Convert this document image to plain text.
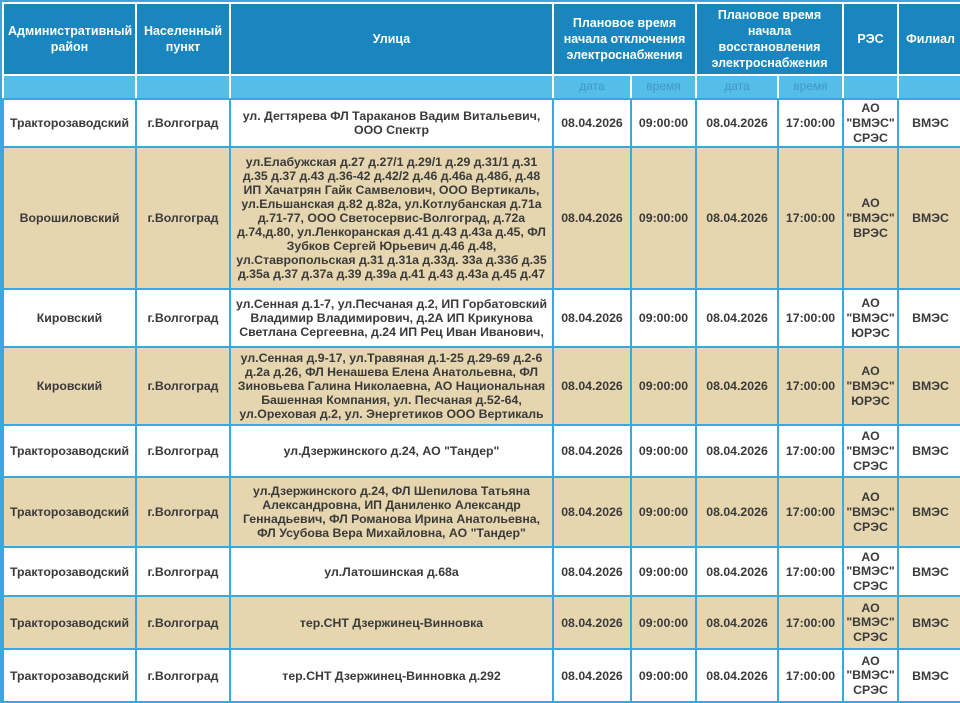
Административный район	Населенный пункт	Улица	Плановое время начала отключения электроснабжения		Плановое время начала восстановления электроснабжения		РЭС	Филиал
			дата	время	дата	время		
Тракторозаводский	г.Волгоград	ул. Дегтярева ФЛ Тараканов Вадим Витальевич, ООО Спектр	08.04.2026	09:00:00	08.04.2026	17:00:00	АО "ВМЭС" СРЭС	ВМЭС
Ворошиловский	г.Волгоград	ул.Елабужская д.27 д.27/1 д.29/1 д.29 д.31/1 д.31 д.35 д.37 д.43 д.36-42 д.42/2 д.46 д.46а д.48б, д.48 ИП Хачатрян Гайк Самвелович, ООО Вертикаль, ул.Ельшанская д.82 д.82а, ул.Котлубанская д.71а д.71-77, ООО Светосервис-Волгоград, д.72а д.74,д.80, ул.Ленкоранская д.41 д.43 д.43а д.45, ФЛ Зубков Сергей Юрьевич д.46 д.48, ул.Ставропольская д.31 д.31а д.33д. 33а д.33б д.35 д.35а д.37 д.37а д.39 д.39а д.41 д.43 д.43а д.45 д.47	08.04.2026	09:00:00	08.04.2026	17:00:00	АО "ВМЭС" ВРЭС	ВМЭС
Кировский	г.Волгоград	ул.Сенная д.1-7, ул.Песчаная д.2, ИП Горбатовский Владимир Владимирович, д.2А ИП Крикунова Светлана Сергеевна, д.24 ИП Рец Иван Иванович,	08.04.2026	09:00:00	08.04.2026	17:00:00	АО "ВМЭС" ЮРЭС	ВМЭС
Кировский	г.Волгоград	ул.Сенная д.9-17, ул.Травяная д.1-25 д.29-69 д.2-6 д.2а д.26, ФЛ Ненашева Елена Анатольевна, ФЛ Зиновьева Галина Николаевна, АО Национальная Башенная Компания, ул. Песчаная д.52-64, ул.Ореховая д.2, ул. Энергетиков ООО Вертикаль	08.04.2026	09:00:00	08.04.2026	17:00:00	АО "ВМЭС" ЮРЭС	ВМЭС
Тракторозаводский	г.Волгоград	ул.Дзержинского д.24, АО "Тандер"	08.04.2026	09:00:00	08.04.2026	17:00:00	АО "ВМЭС" СРЭС	ВМЭС
Тракторозаводский	г.Волгоград	ул.Дзержинского д.24, ФЛ Шепилова Татьяна Александровна, ИП Даниленко Александр Геннадьевич, ФЛ Романова Ирина Анатольевна, ФЛ Усубова Вера Михайловна, АО "Тандер"	08.04.2026	09:00:00	08.04.2026	17:00:00	АО "ВМЭС" СРЭС	ВМЭС
Тракторозаводский	г.Волгоград	ул.Латошинская д.68а	08.04.2026	09:00:00	08.04.2026	17:00:00	АО "ВМЭС" СРЭС	ВМЭС
Тракторозаводский	г.Волгоград	тер.СНТ Дзержинец-Винновка	08.04.2026	09:00:00	08.04.2026	17:00:00	АО "ВМЭС" СРЭС	ВМЭС
Тракторозаводский	г.Волгоград	тер.СНТ Дзержинец-Винновка д.292	08.04.2026	09:00:00	08.04.2026	17:00:00	АО "ВМЭС" СРЭС	ВМЭС
